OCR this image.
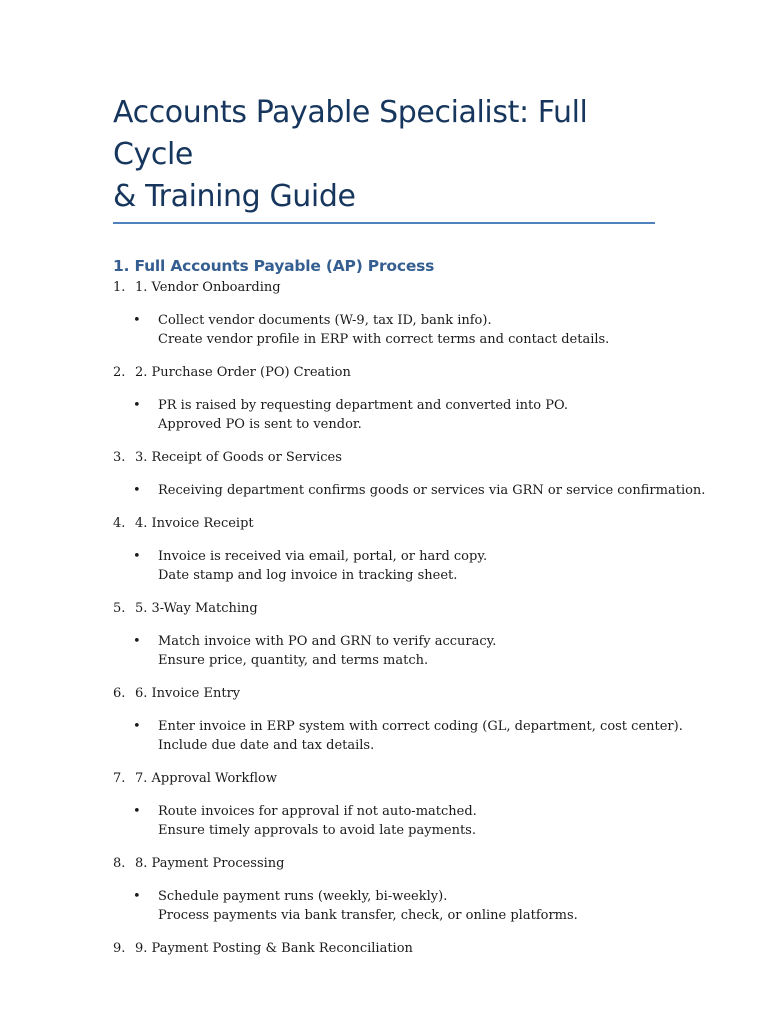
Accounts Payable Specialist: Full Cycle
& Training Guide
1. Full Accounts Payable (AP) Process
1. 1. Vendor Onboarding
• Collect vendor documents (W-9, tax ID, bank info).
Create vendor profile in ERP with correct terms and contact details.
2. 2. Purchase Order (PO) Creation
• PR is raised by requesting department and converted into PO.
Approved PO is sent to vendor.
3. 3. Receipt of Goods or Services
• Receiving department confirms goods or services via GRN or service confirmation.
4. 4. Invoice Receipt
• Invoice is received via email, portal, or hard copy.
Date stamp and log invoice in tracking sheet.
5. 5. 3-Way Matching
• Match invoice with PO and GRN to verify accuracy.
Ensure price, quantity, and terms match.
6. 6. Invoice Entry
• Enter invoice in ERP system with correct coding (GL, department, cost center).
Include due date and tax details.
7. 7. Approval Workflow
• Route invoices for approval if not auto-matched.
Ensure timely approvals to avoid late payments.
8. 8. Payment Processing
• Schedule payment runs (weekly, bi-weekly).
Process payments via bank transfer, check, or online platforms.
9. 9. Payment Posting & Bank Reconciliation
